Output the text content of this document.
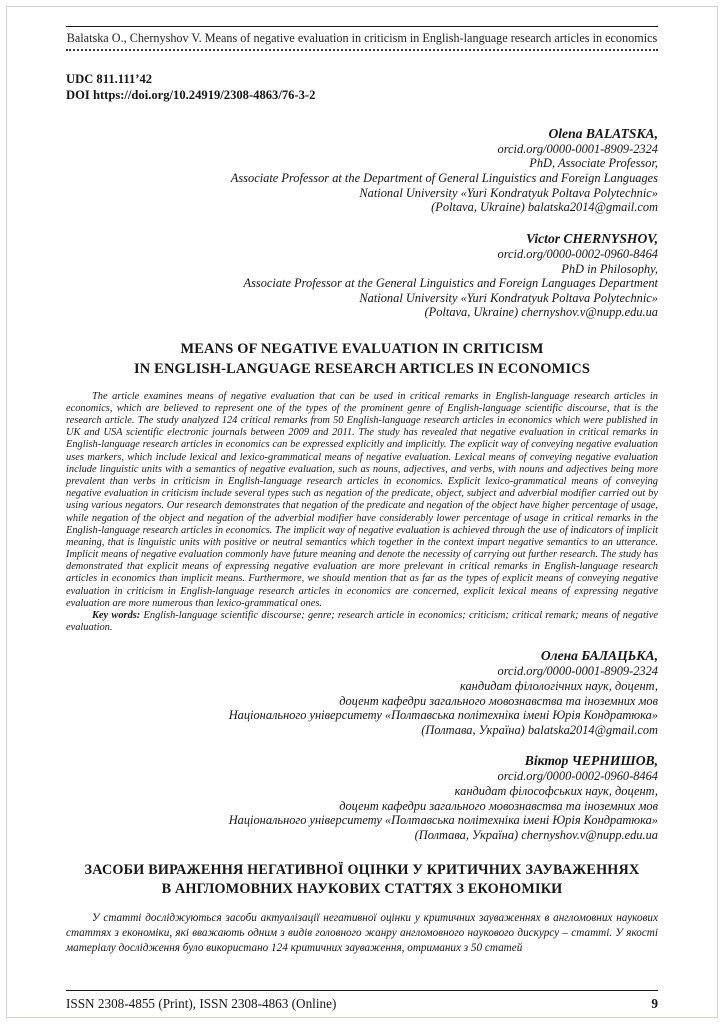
Balatska O., Chernyshov V. Means of negative evaluation in criticism in English-language research articles in economics
UDC 811.111’42
DOI https://doi.org/10.24919/2308-4863/76-3-2
Olena BALATSKA,
orcid.org/0000-0001-8909-2324
PhD, Associate Professor,
Associate Professor at the Department of General Linguistics and Foreign Languages
National University «Yuri Kondratyuk Poltava Polytechnic»
(Poltava, Ukraine) balatska2014@gmail.com
Victor CHERNYSHOV,
orcid.org/0000-0002-0960-8464
PhD in Philosophy,
Associate Professor at the General Linguistics and Foreign Languages Department
National University «Yuri Kondratyuk Poltava Polytechnic»
(Poltava, Ukraine) chernyshov.v@nupp.edu.ua
MEANS OF NEGATIVE EVALUATION IN CRITICISM
IN ENGLISH-LANGUAGE RESEARCH ARTICLES IN ECONOMICS

The article examines means of negative evaluation that can be used in critical remarks in English-language research articles in economics, which are believed to represent one of the types of the prominent genre of English-language scientific discourse, that is the research article. The study analyzed 124 critical remarks from 50 English-language research articles in economics which were published in UK and USA scientific electronic journals between 2009 and 2011. The study has revealed that negative evaluation in critical remarks in English-language research articles in economics can be expressed explicitly and implicitly. The explicit way of conveying negative evaluation uses markers, which include lexical and lexico-grammatical means of negative evaluation. Lexical means of conveying negative evaluation include linguistic units with a semantics of negative evaluation, such as nouns, adjectives, and verbs, with nouns and adjectives being more prevalent than verbs in criticism in English-language research articles in economics. Explicit lexico-grammatical means of conveying negative evaluation in criticism include several types such as negation of the predicate, object, subject and adverbial modifier carried out by using various negators. Our research demonstrates that negation of the predicate and negation of the object have higher percentage of usage, while negation of the object and negation of the adverbial modifier have considerably lower percentage of usage in critical remarks in the English-language research articles in economics. The implicit way of negative evaluation is achieved through the use of indicators of implicit meaning, that is linguistic units with positive or neutral semantics which together in the context impart negative semantics to an utterance. Implicit means of negative evaluation commonly have future meaning and denote the necessity of carrying out further research. The study has demonstrated that explicit means of expressing negative evaluation are more prelevant in critical remarks in English-language research articles in economics than implicit means. Furthermore, we should mention that as far as the types of explicit means of conveying negative evaluation in criticism in English-language research articles in economics are concerned, explicit lexical means of expressing negative evaluation are more numerous than lexico-grammatical ones.

Key words: English-language scientific discourse; genre; research article in economics; criticism; critical remark; means of negative evaluation.

Олена БАЛАЦЬКА,
orcid.org/0000-0001-8909-2324
кандидат філологічних наук, доцент,
доцент кафедри загального мовознавства та іноземних мов
Національного університету «Полтавська політехніка імені Юрія Кондратюка»
(Полтава, Україна) balatska2014@gmail.com
Віктор ЧЕРНИШОВ,
orcid.org/0000-0002-0960-8464
кандидат філософських наук, доцент,
доцент кафедри загального мовознавства та іноземних мов
Національного університету «Полтавська політехніка імені Юрія Кондратюка»
(Полтава, Україна) chernyshov.v@nupp.edu.ua
ЗАСОБИ ВИРАЖЕННЯ НЕГАТИВНОЇ ОЦІНКИ У КРИТИЧНИХ ЗАУВАЖЕННЯХ
В АНГЛОМОВНИХ НАУКОВИХ СТАТТЯХ З ЕКОНОМІКИ

У статті досліджуються засоби актуалізації негативної оцінки у критичних зауваженнях в англомовних наукових статтях з економіки, які вважають одним з видів головного жанру англомовного наукового дискурсу – статті. У якості матеріалу дослідження було використано 124 критичних зауваження, отриманих з 50 статей

ISSN 2308-4855 (Print), ISSN 2308-4863 (Online)	9
